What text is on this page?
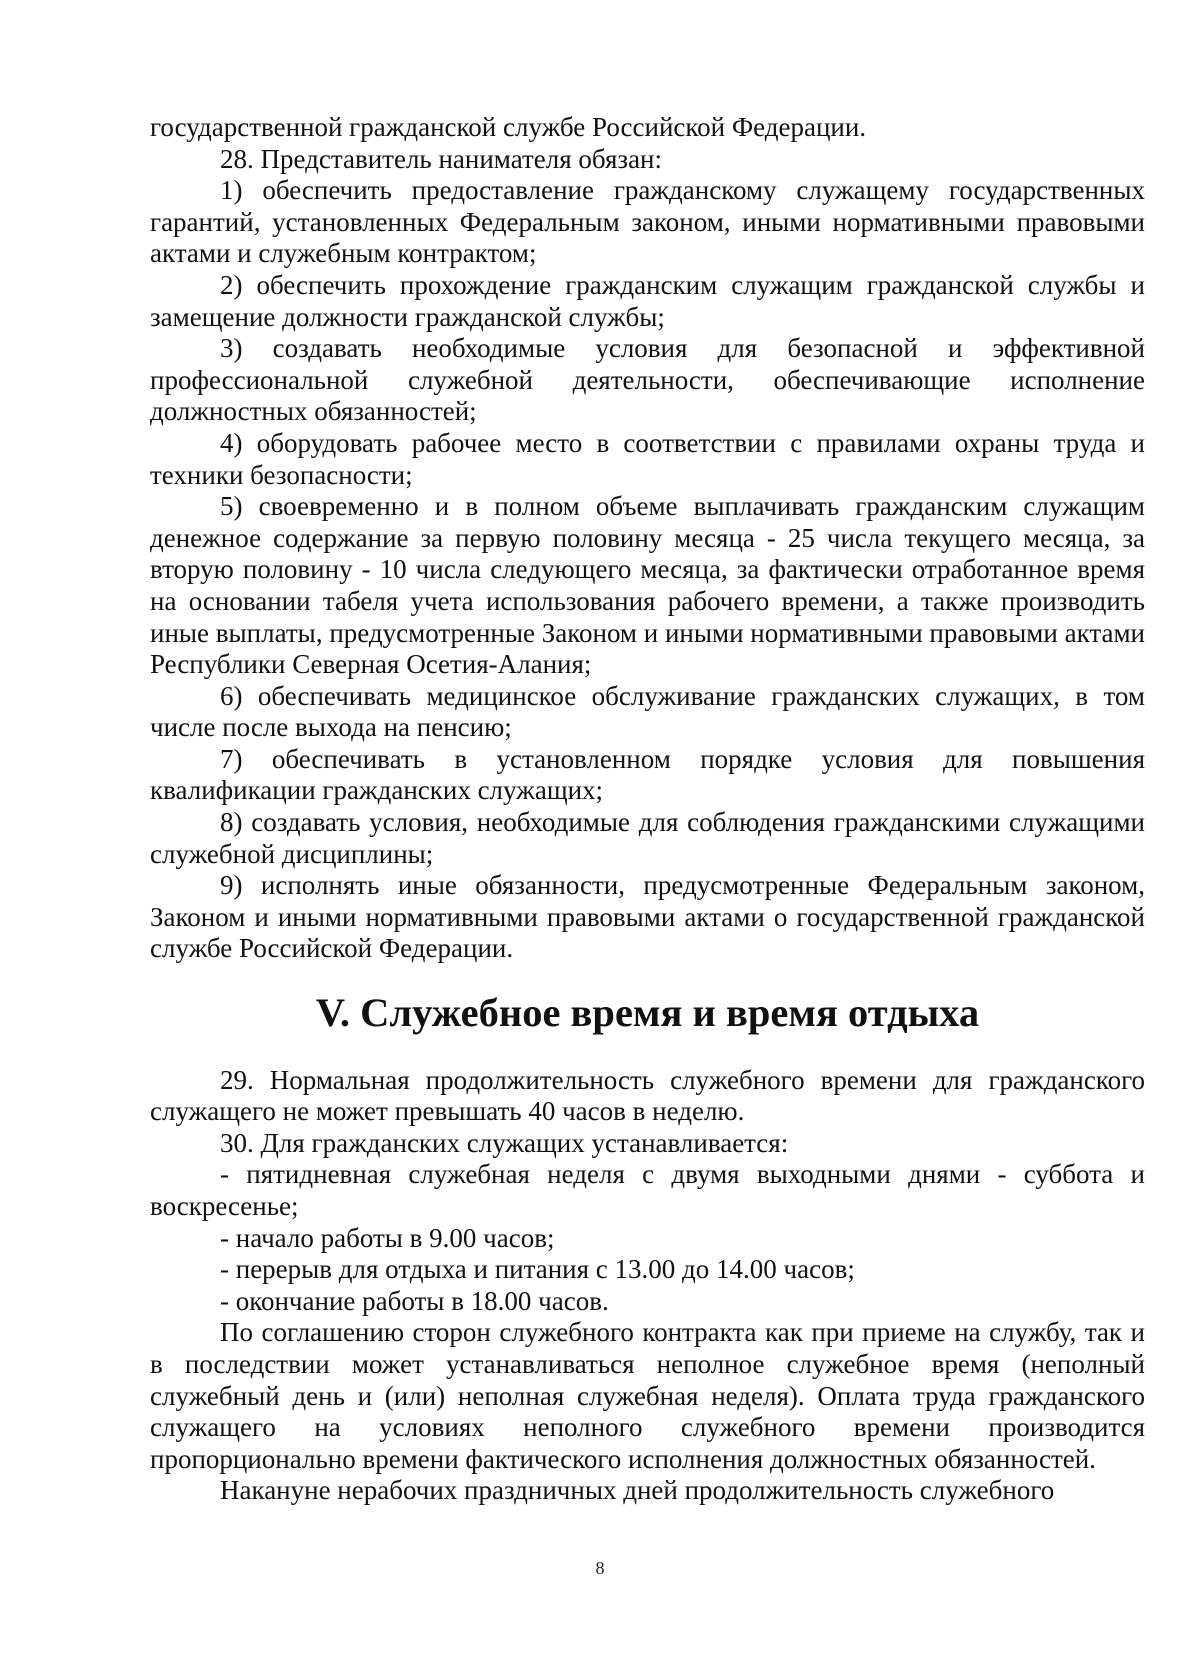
государственной гражданской службе Российской Федерации.

28. Представитель нанимателя обязан:

1) обеспечить предоставление гражданскому служащему государственных гарантий, установленных Федеральным законом, иными нормативными правовыми актами и служебным контрактом;

2) обеспечить прохождение гражданским служащим гражданской службы и замещение должности гражданской службы;

3) создавать необходимые условия для безопасной и эффективной профессиональной служебной деятельности, обеспечивающие исполнение должностных обязанностей;

4) оборудовать рабочее место в соответствии с правилами охраны труда и техники безопасности;

5) своевременно и в полном объеме выплачивать гражданским служащим денежное содержание за первую половину месяца - 25 числа текущего месяца, за вторую половину - 10 числа следующего месяца, за фактически отработанное время на основании табеля учета использования рабочего времени, а также производить иные выплаты, предусмотренные Законом и иными нормативными правовыми актами Республики Северная Осетия-Алания;

6) обеспечивать медицинское обслуживание гражданских служащих, в том числе после выхода на пенсию;

7) обеспечивать в установленном порядке условия для повышения квалификации гражданских служащих;

8) создавать условия, необходимые для соблюдения гражданскими служащими служебной дисциплины;

9) исполнять иные обязанности, предусмотренные Федеральным законом, Законом и иными нормативными правовыми актами о государственной гражданской службе Российской Федерации.

V. Служебное время и время отдыха

29. Нормальная продолжительность служебного времени для гражданского служащего не может превышать 40 часов в неделю.

30. Для гражданских служащих устанавливается:

- пятидневная служебная неделя с двумя выходными днями - суббота и воскресенье;

- начало работы в 9.00 часов;

- перерыв для отдыха и питания с 13.00 до 14.00 часов;

- окончание работы в 18.00 часов.

По соглашению сторон служебного контракта как при приеме на службу, так и в последствии может устанавливаться неполное служебное время (неполный служебный день и (или) неполная служебная неделя). Оплата труда гражданского служащего на условиях неполного служебного времени производится пропорционально времени фактического исполнения должностных обязанностей.

Накануне нерабочих праздничных дней продолжительность служебного

8
